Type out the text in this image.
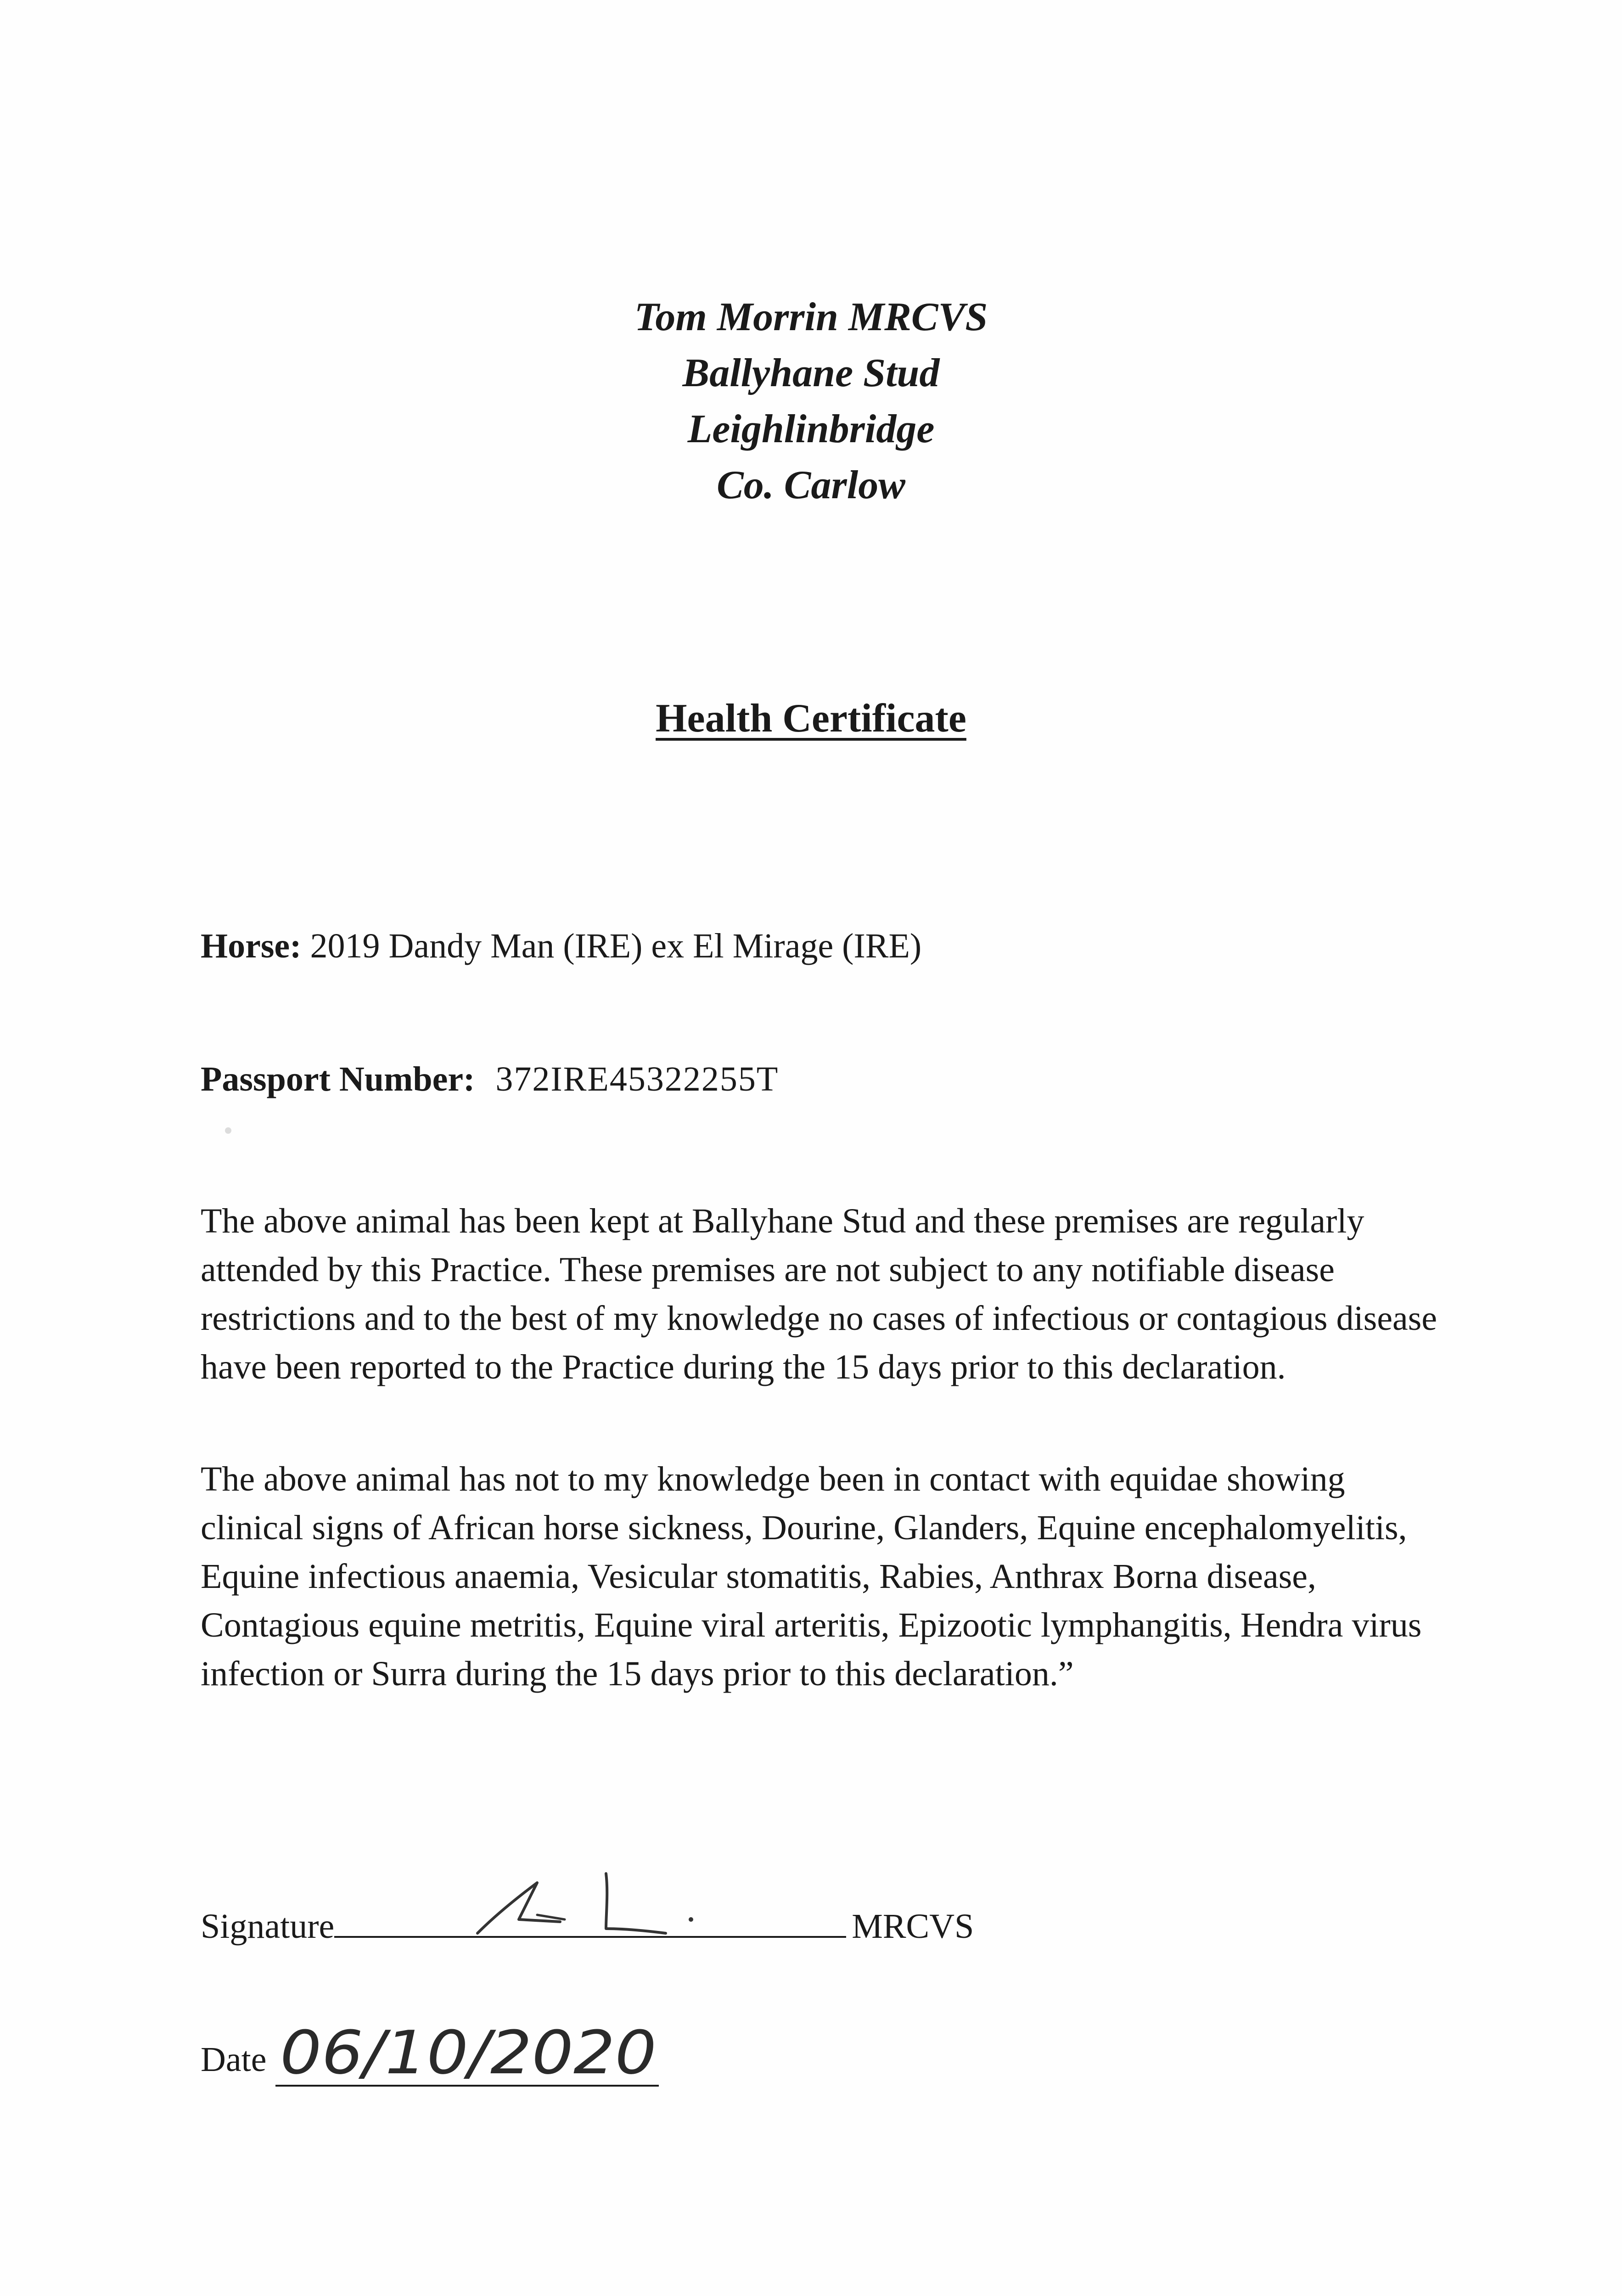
Tom Morrin MRCVS
Ballyhane Stud
Leighlinbridge
Co. Carlow
Health Certificate
Horse: 2019 Dandy Man (IRE) ex El Mirage (IRE)
Passport Number: 372IRE45322255T

The above animal has been kept at Ballyhane Stud and these premises are regularly attended by this Practice. These premises are not subject to any notifiable disease restrictions and to the best of my knowledge no cases of infectious or contagious disease have been reported to the Practice during the 15 days prior to this declaration.

The above animal has not to my knowledge been in contact with equidae showing clinical signs of African horse sickness, Dourine, Glanders, Equine encephalomyelitis, Equine infectious anaemia, Vesicular stomatitis, Rabies, Anthrax Borna disease, Contagious equine metritis, Equine viral arteritis, Epizootic lymphangitis, Hendra virus infection or Surra during the 15 days prior to this declaration.”

Signature	MRCVS
Date 06/10/2020
